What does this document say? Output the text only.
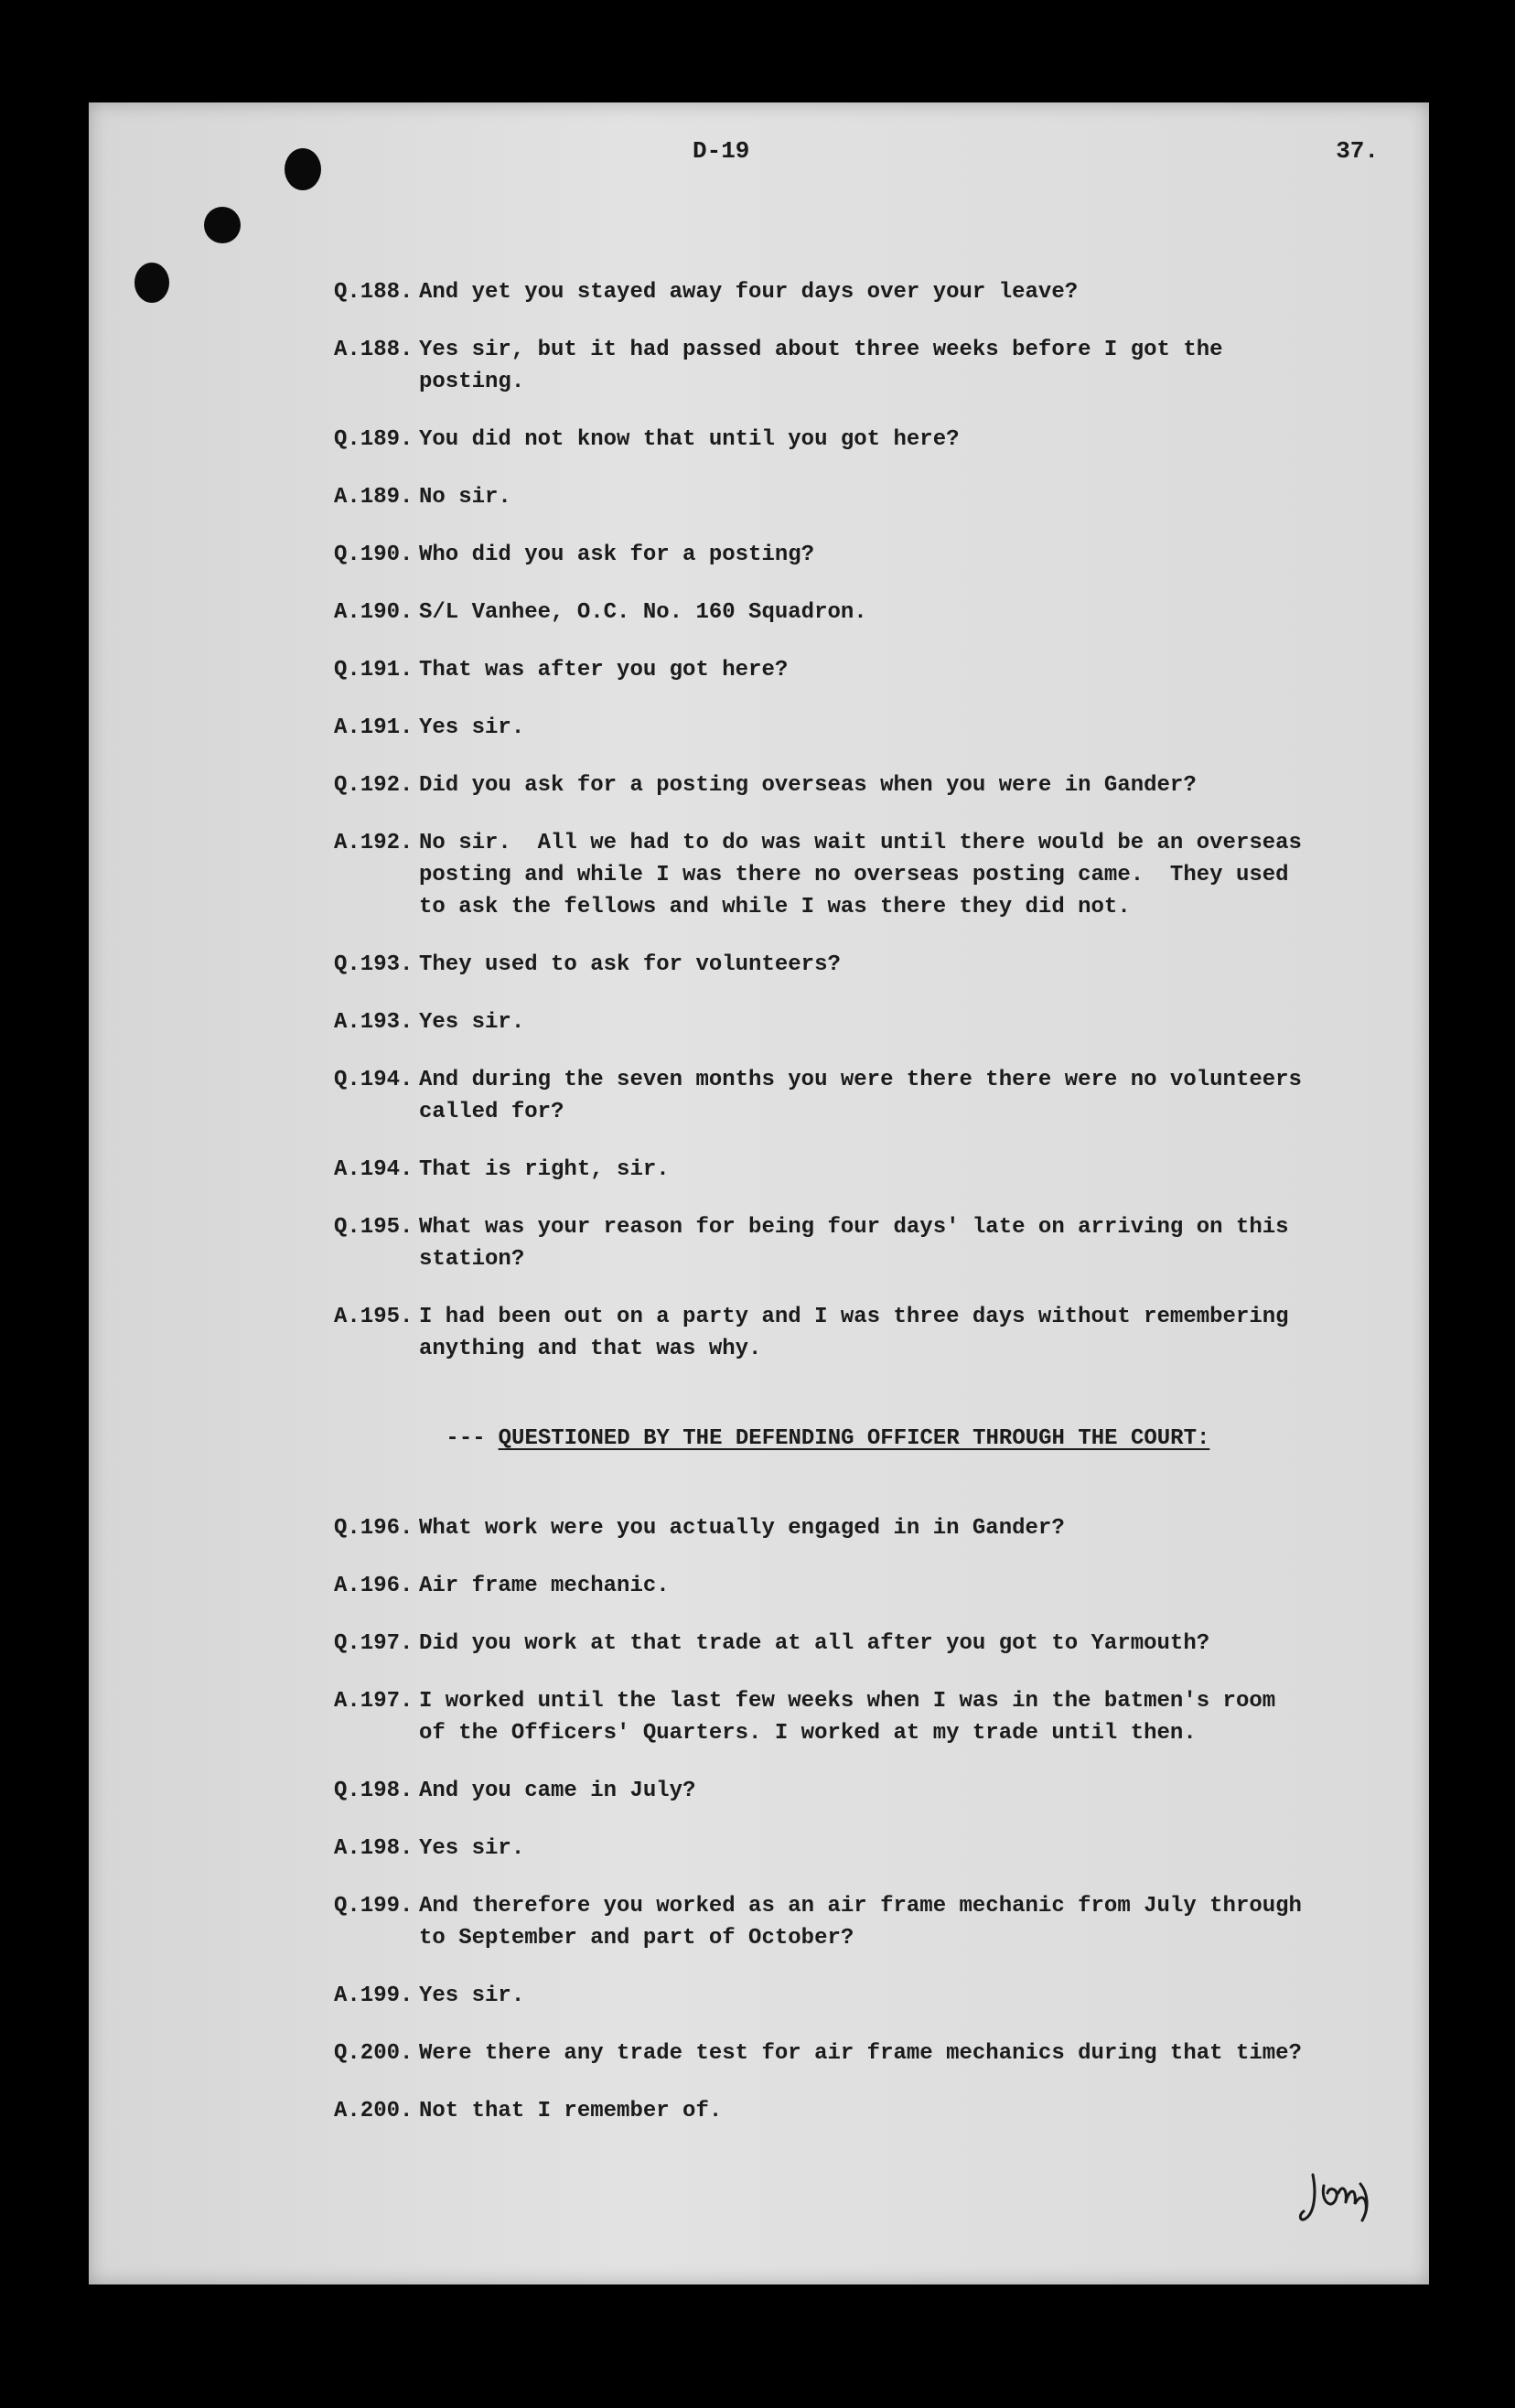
D-19	37.
Q.188. And yet you stayed away four days over your leave?
A.188. Yes sir, but it had passed about three weeks before I got the
posting.
Q.189. You did not know that until you got here?
A.189. No sir.
Q.190. Who did you ask for a posting?
A.190. S/L Vanhee, O.C. No. 160 Squadron.
Q.191. That was after you got here?
A.191. Yes sir.
Q.192. Did you ask for a posting overseas when you were in Gander?
A.192. No sir.  All we had to do was wait until there would be an overseas
posting and while I was there no overseas posting came.  They used
to ask the fellows and while I was there they did not.
Q.193. They used to ask for volunteers?
A.193. Yes sir.
Q.194. And during the seven months you were there there were no volunteers
called for?
A.194. That is right, sir.
Q.195. What was your reason for being four days' late on arriving on this
station?
A.195. I had been out on a party and I was three days without remembering
anything and that was why.

--- QUESTIONED BY THE DEFENDING OFFICER THROUGH THE COURT:

Q.196. What work were you actually engaged in in Gander?
A.196. Air frame mechanic.
Q.197. Did you work at that trade at all after you got to Yarmouth?
A.197. I worked until the last few weeks when I was in the batmen's room
of the Officers' Quarters. I worked at my trade until then.
Q.198. And you came in July?
A.198. Yes sir.
Q.199. And therefore you worked as an air frame mechanic from July through
to September and part of October?
A.199. Yes sir.
Q.200. Were there any trade test for air frame mechanics during that time?
A.200. Not that I remember of.
